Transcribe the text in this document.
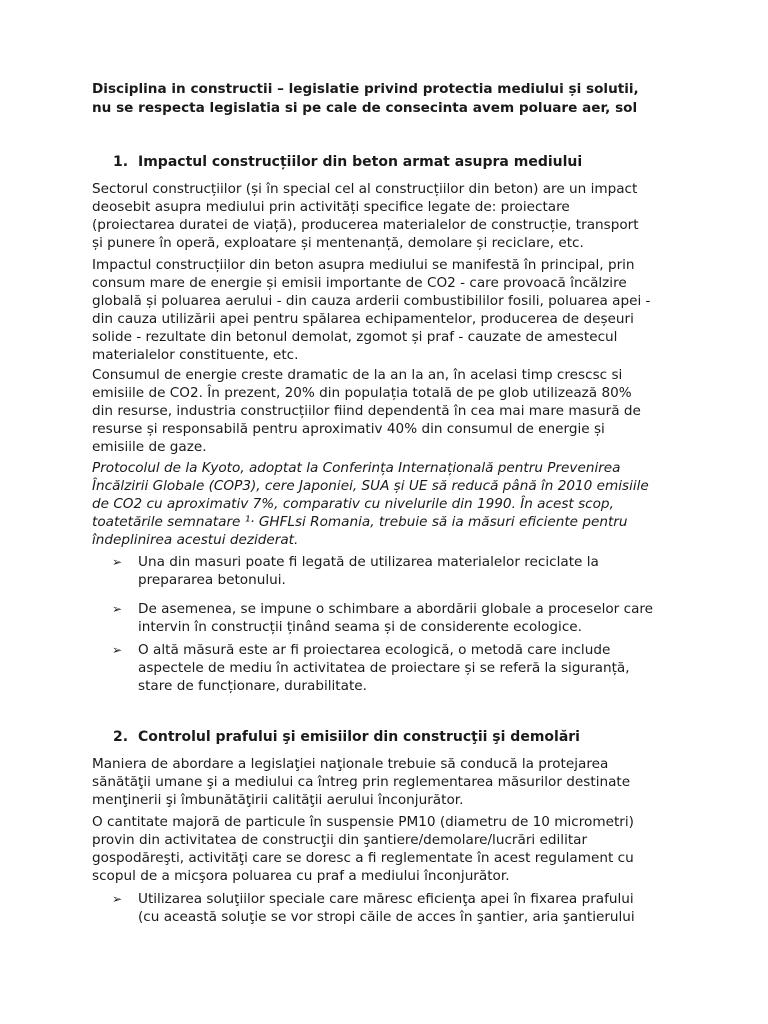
Disciplina in constructii – legislatie privind protectia mediului și solutii,
nu se respecta legislatia si pe cale de consecinta avem poluare aer, sol

1. Impactul construcțiilor din beton armat asupra mediului

Sectorul construcțiilor (și în special cel al construcțiilor din beton) are un impact
deosebit asupra mediului prin activități specifice legate de: proiectare
(proiectarea duratei de viață), producerea materialelor de construcție, transport
și punere în operă, exploatare și mentenanță, demolare și reciclare, etc.

Impactul construcțiilor din beton asupra mediului se manifestă în principal, prin
consum mare de energie și emisii importante de CO2 - care provoacă încălzire
globală și poluarea aerului - din cauza arderii combustibililor fosili, poluarea apei -
din cauza utilizării apei pentru spălarea echipamentelor, producerea de deșeuri
solide - rezultate din betonul demolat, zgomot și praf - cauzate de amestecul
materialelor constituente, etc.

Consumul de energie creste dramatic de la an la an, în acelasi timp crescsc si
emisiile de CO2. În prezent, 20% din populația totală de pe glob utilizează 80%
din resurse, industria construcțiilor fiind dependentă în cea mai mare masură de
resurse și responsabilă pentru aproximativ 40% din consumul de energie și
emisiile de gaze.

Protocolul de la Kyoto, adoptat la Conferința Internațională pentru Prevenirea
Încălzirii Globale (COP3), cere Japoniei, SUA și UE să reducă până în 2010 emisiile
de CO2 cu aproximativ 7%, comparativ cu nivelurile din 1990. În acest scop,
toatetările semnatare ¹· GHFLsi Romania, trebuie să ia măsuri eficiente pentru
îndeplinirea acestui deziderat.

➢ Una din masuri poate fi legată de utilizarea materialelor reciclate la
prepararea betonului.
➢ De asemenea, se impune o schimbare a abordării globale a proceselor care
intervin în construcții ținând seama și de considerente ecologice.
➢ O altă măsură este ar fi proiectarea ecologică, o metodă care include
aspectele de mediu în activitatea de proiectare și se referă la siguranță,
stare de funcționare, durabilitate.
2. Controlul prafului şi emisiilor din construcţii şi demolări

Maniera de abordare a legislaţiei naţionale trebuie să conducă la protejarea
sănătăţii umane şi a mediului ca întreg prin reglementarea măsurilor destinate
menţinerii şi îmbunătăţirii calităţii aerului înconjurător.

O cantitate majoră de particule în suspensie PM10 (diametru de 10 micrometri)
provin din activitatea de construcţii din şantiere/demolare/lucrări edilitar
gospodăreşti, activităţi care se doresc a fi reglementate în acest regulament cu
scopul de a micşora poluarea cu praf a mediului înconjurător.

➢ Utilizarea soluţiilor speciale care măresc eficienţa apei în fixarea prafului
(cu această soluţie se vor stropi căile de acces în şantier, aria şantierului
